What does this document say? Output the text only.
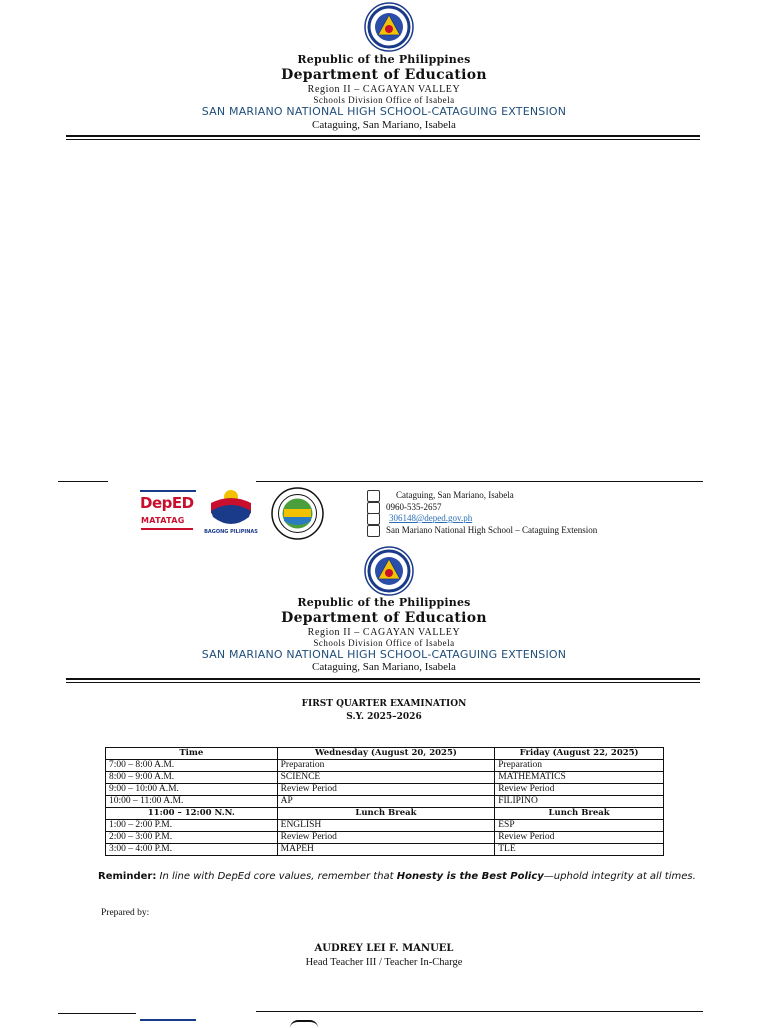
Republic of the Philippines
Department of Education
Region II – CAGAYAN VALLEY
Schools Division Office of Isabela
SAN MARIANO NATIONAL HIGH SCHOOL-CATAGUING EXTENSION
Cataguing, San Mariano, Isabela
DepED
MATATAG
BAGONG PILIPINAS
Cataguing, San Mariano, Isabela
0960-535-2657
306148@deped.gov.ph
San Mariano National High School – Cataguing Extension
Republic of the Philippines
Department of Education
Region II – CAGAYAN VALLEY
Schools Division Office of Isabela
SAN MARIANO NATIONAL HIGH SCHOOL-CATAGUING EXTENSION
Cataguing, San Mariano, Isabela
FIRST QUARTER EXAMINATION
S.Y. 2025–2026
Time	Wednesday (August 20, 2025)	Friday (August 22, 2025)
7:00 – 8:00 A.M.	Preparation	Preparation
8:00 – 9:00 A.M.	SCIENCE	MATHEMATICS
9:00 – 10:00 A.M.	Review Period	Review Period
10:00 – 11:00 A.M.	AP	FILIPINO
11:00 – 12:00 N.N.	Lunch Break	Lunch Break
1:00 – 2:00 P.M.	ENGLISH	ESP
2:00 – 3:00 P.M.	Review Period	Review Period
3:00 – 4:00 P.M.	MAPEH	TLE
Reminder: In line with DepEd core values, remember that Honesty is the Best Policy—uphold integrity at all times.
Prepared by:
AUDREY LEI F. MANUEL
Head Teacher III / Teacher In-Charge
